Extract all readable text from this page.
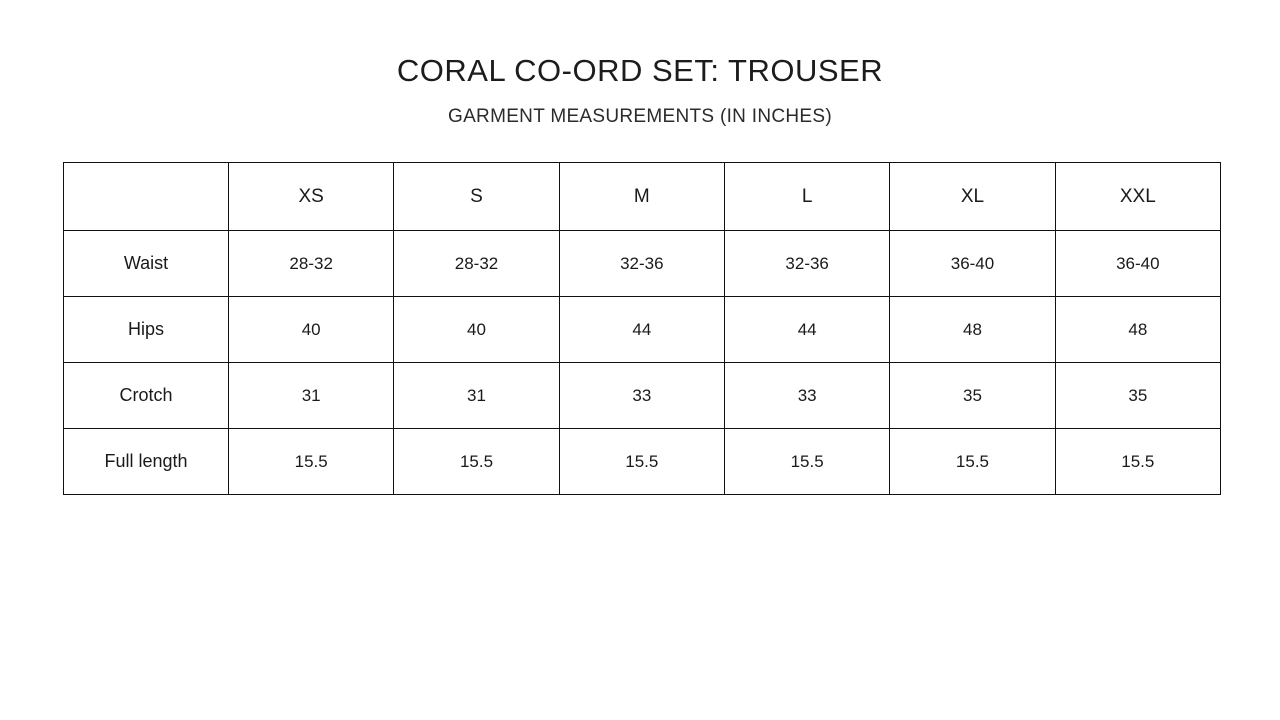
CORAL CO-ORD SET: TROUSER
GARMENT MEASUREMENTS (IN INCHES)
	XS	S	M	L	XL	XXL
Waist	28-32	28-32	32-36	32-36	36-40	36-40
Hips	40	40	44	44	48	48
Crotch	31	31	33	33	35	35
Full length	15.5	15.5	15.5	15.5	15.5	15.5
